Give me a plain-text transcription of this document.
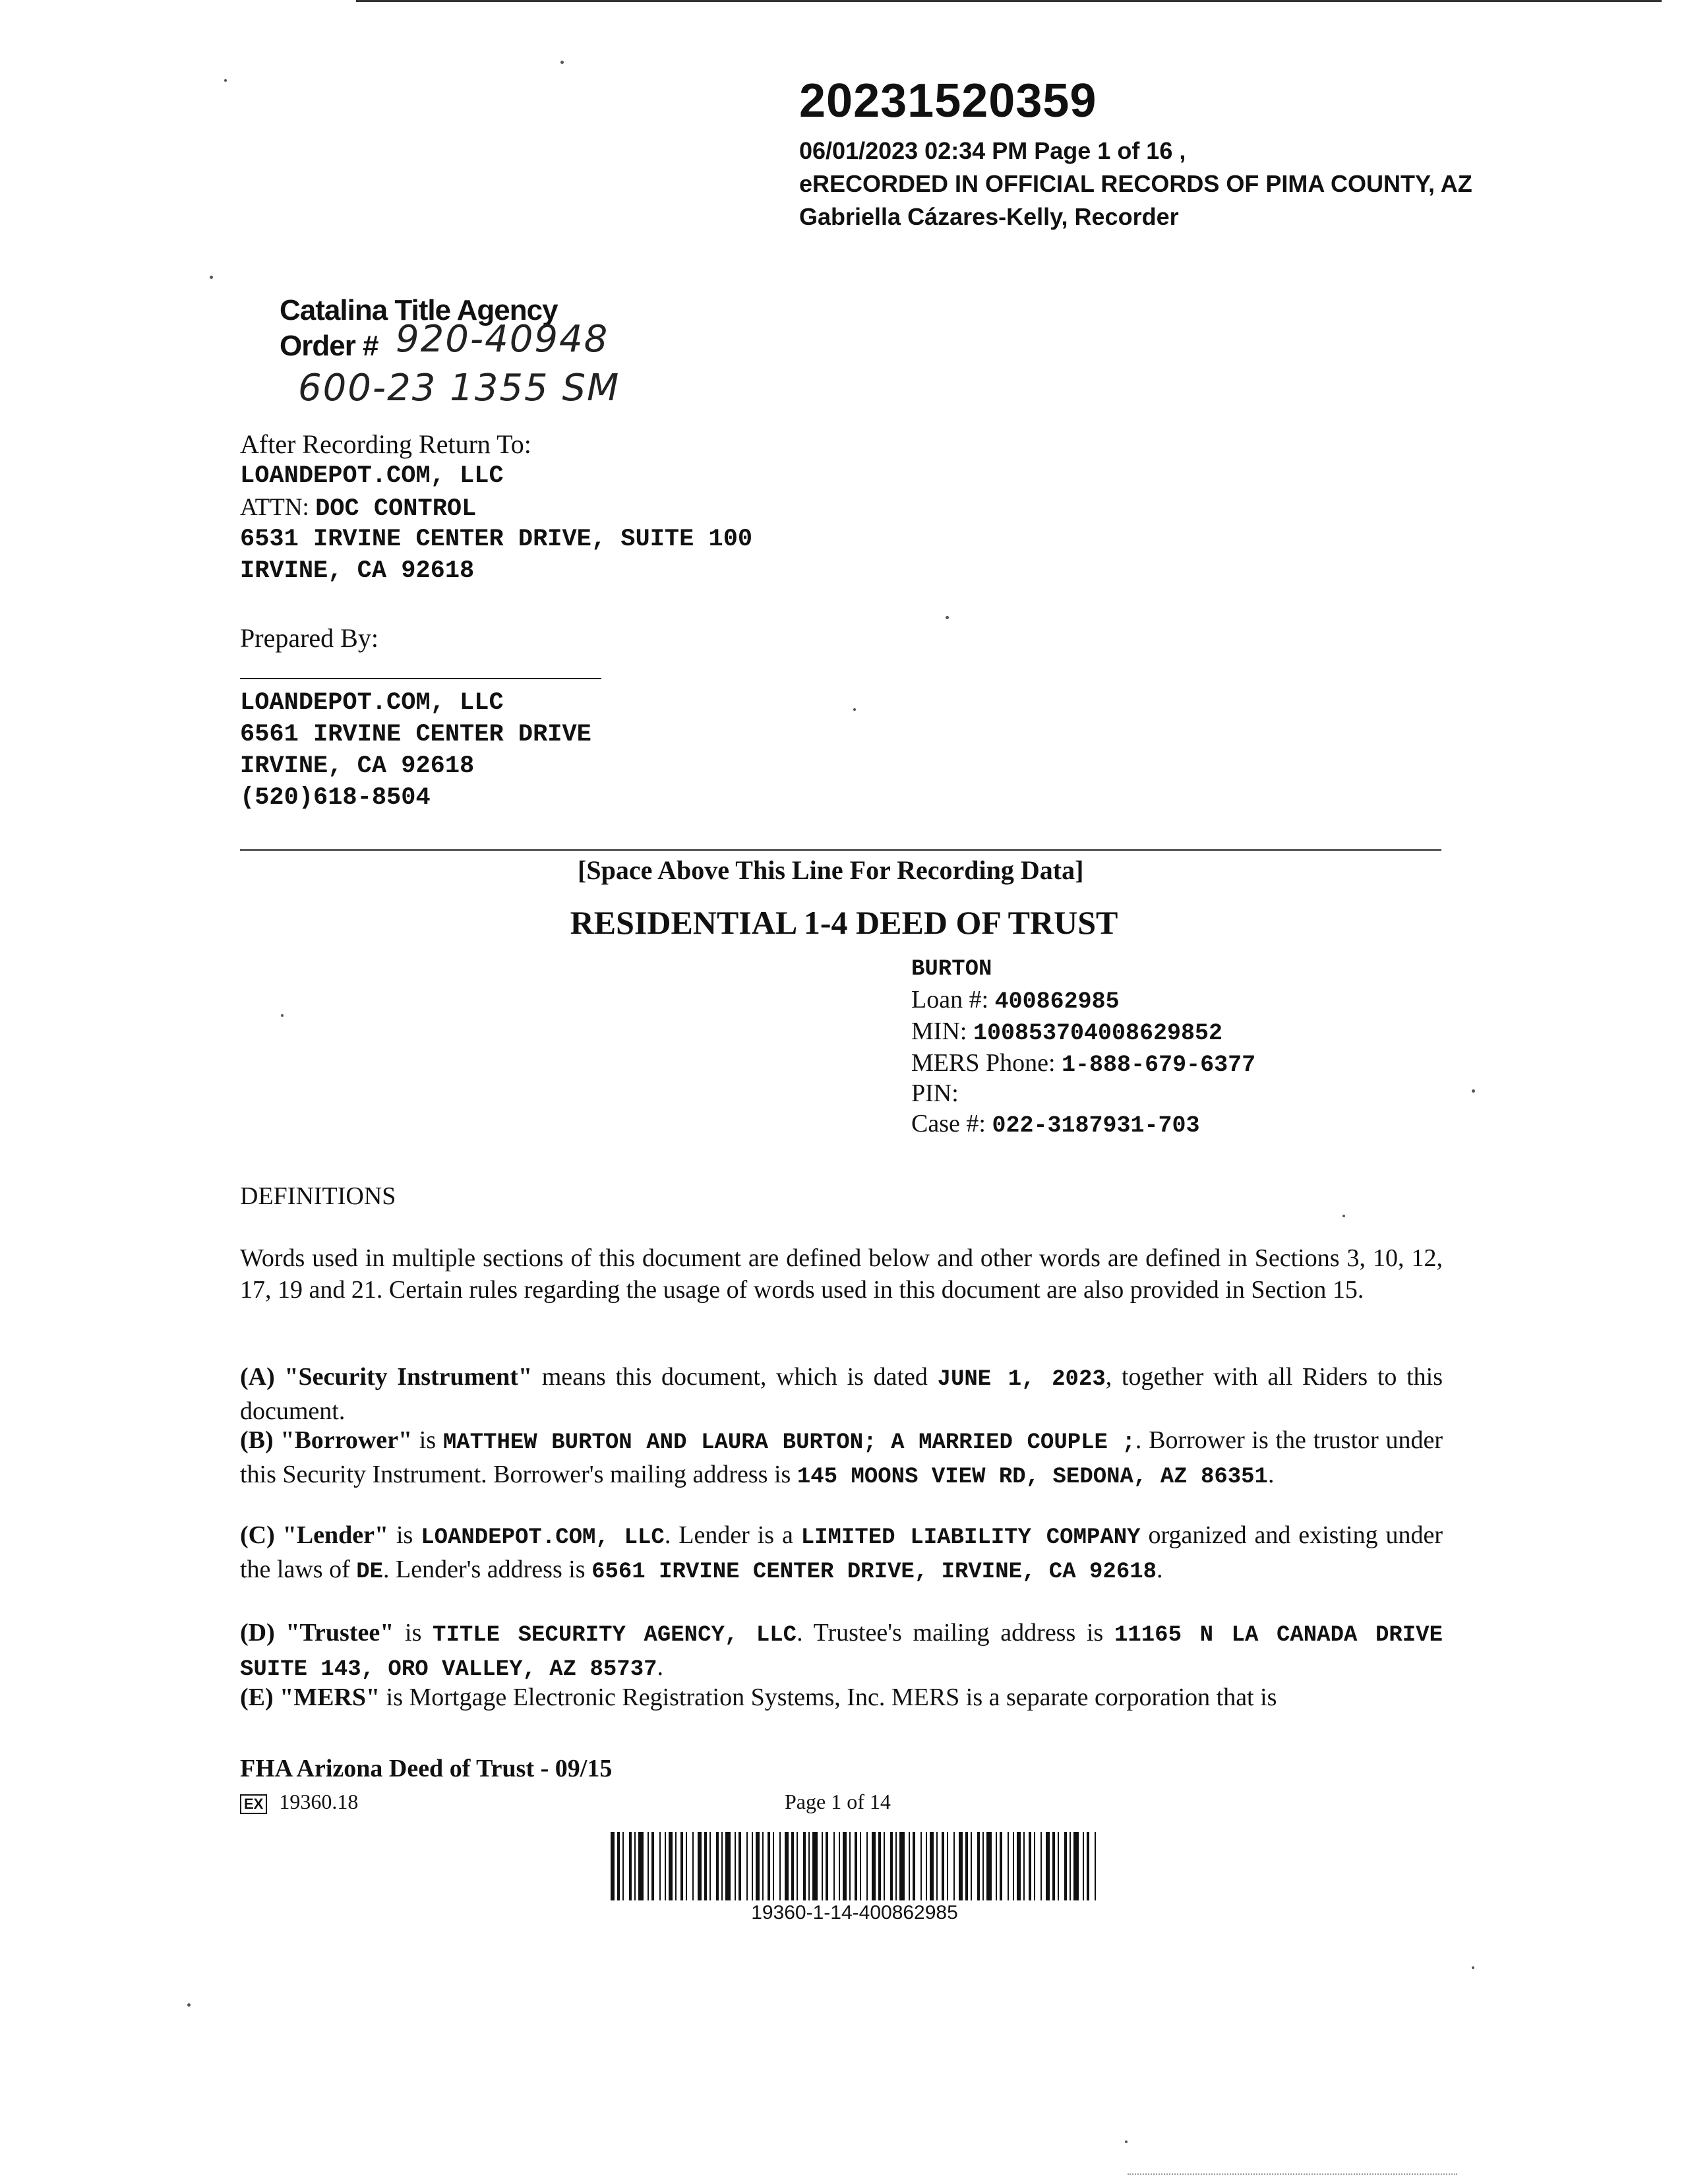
20231520359
06/01/2023 02:34 PM Page 1 of 16 ,
eRECORDED IN OFFICIAL RECORDS OF PIMA COUNTY, AZ
Gabriella Cázares-Kelly, Recorder
Catalina Title Agency
Order # 920-40948
600-23 1355 SM
After Recording Return To:
LOANDEPOT.COM, LLC
ATTN: DOC CONTROL
6531 IRVINE CENTER DRIVE, SUITE 100
IRVINE, CA 92618
Prepared By:
LOANDEPOT.COM, LLC
6561 IRVINE CENTER DRIVE
IRVINE, CA 92618
(520)618-8504
[Space Above This Line For Recording Data]
RESIDENTIAL 1-4 DEED OF TRUST
BURTON
Loan #: 400862985
MIN: 100853704008629852
MERS Phone: 1-888-679-6377
PIN:
Case #: 022-3187931-703
DEFINITIONS
Words used in multiple sections of this document are defined below and other words are defined in Sections 3, 10, 12, 17, 19 and 21. Certain rules regarding the usage of words used in this document are also provided in Section 15.
(A) "Security Instrument" means this document, which is dated JUNE 1, 2023, together with all Riders to this document.
(B) "Borrower" is MATTHEW BURTON AND LAURA BURTON; A MARRIED COUPLE ;. Borrower is the trustor under this Security Instrument. Borrower's mailing address is 145 MOONS VIEW RD, SEDONA, AZ 86351.
(C) "Lender" is LOANDEPOT.COM, LLC. Lender is a LIMITED LIABILITY COMPANY organized and existing under the laws of DE. Lender's address is 6561 IRVINE CENTER DRIVE, IRVINE, CA 92618.
(D) "Trustee" is TITLE SECURITY AGENCY, LLC. Trustee's mailing address is 11165 N LA CANADA DRIVE SUITE 143, ORO VALLEY, AZ 85737.
(E) "MERS" is Mortgage Electronic Registration Systems, Inc. MERS is a separate corporation that is
FHA Arizona Deed of Trust - 09/15
EX 19360.18	Page 1 of 14
19360-1-14-400862985
